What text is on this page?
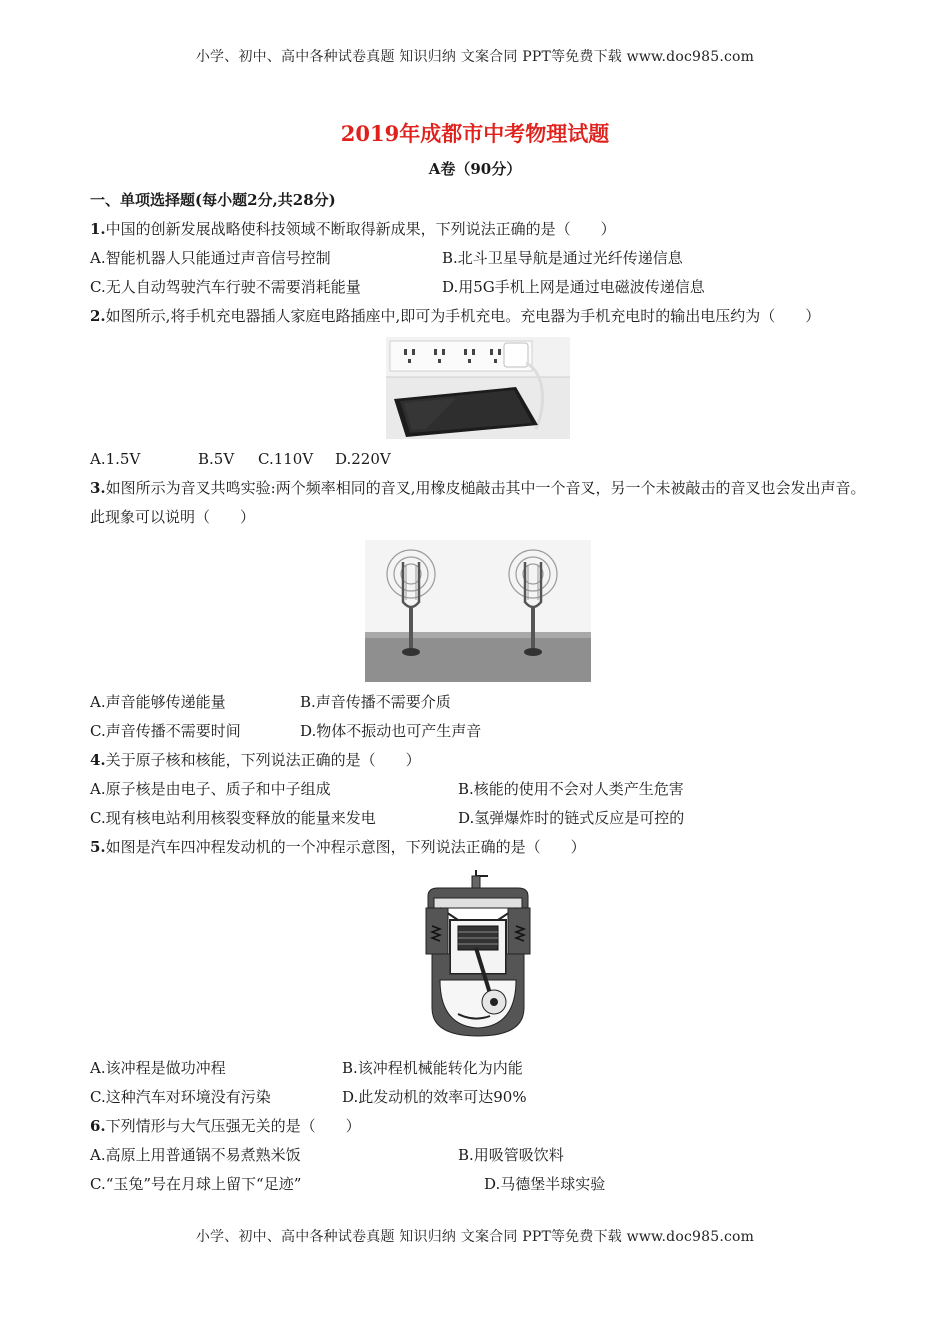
小学、初中、高中各种试卷真题 知识归纳 文案合同 PPT等免费下载 www.doc985.com
2019年成都市中考物理试题
A卷（90分）
一、单项选择题(每小题2分,共28分)
1.中国的创新发展战略使科技领域不断取得新成果，下列说法正确的是（　　）
A.智能机器人只能通过声音信号控制	B.北斗卫星导航是通过光纤传递信息
C.无人自动驾驶汽车行驶不需要消耗能量	D.用5G手机上网是通过电磁波传递信息
2.如图所示,将手机充电器插人家庭电路插座中,即可为手机充电。充电器为手机充电时的输出电压约为（　　）
A.1.5V	B.5V	C.110V	D.220V
3.如图所示为音叉共鸣实验:两个频率相同的音叉,用橡皮槌敲击其中一个音叉，另一个未被敲击的音叉也会发出声音。此现象可以说明（　　）
A.声音能够传递能量	B.声音传播不需要介质
C.声音传播不需要时间	D.物体不振动也可产生声音
4.关于原子核和核能，下列说法正确的是（　　）
A.原子核是由电子、质子和中子组成	B.核能的使用不会对人类产生危害
C.现有核电站利用核裂变释放的能量来发电	D.氢弹爆炸时的链式反应是可控的
5.如图是汽车四冲程发动机的一个冲程示意图，下列说法正确的是（　　）
A.该冲程是做功冲程	B.该冲程机械能转化为内能
C.这种汽车对环境没有污染	D.此发动机的效率可达90%
6.下列情形与大气压强无关的是（　　）
A.高原上用普通锅不易煮熟米饭	B.用吸管吸饮料
C.“玉兔”号在月球上留下“足迹”	D.马德堡半球实验
小学、初中、高中各种试卷真题 知识归纳 文案合同 PPT等免费下载 www.doc985.com
